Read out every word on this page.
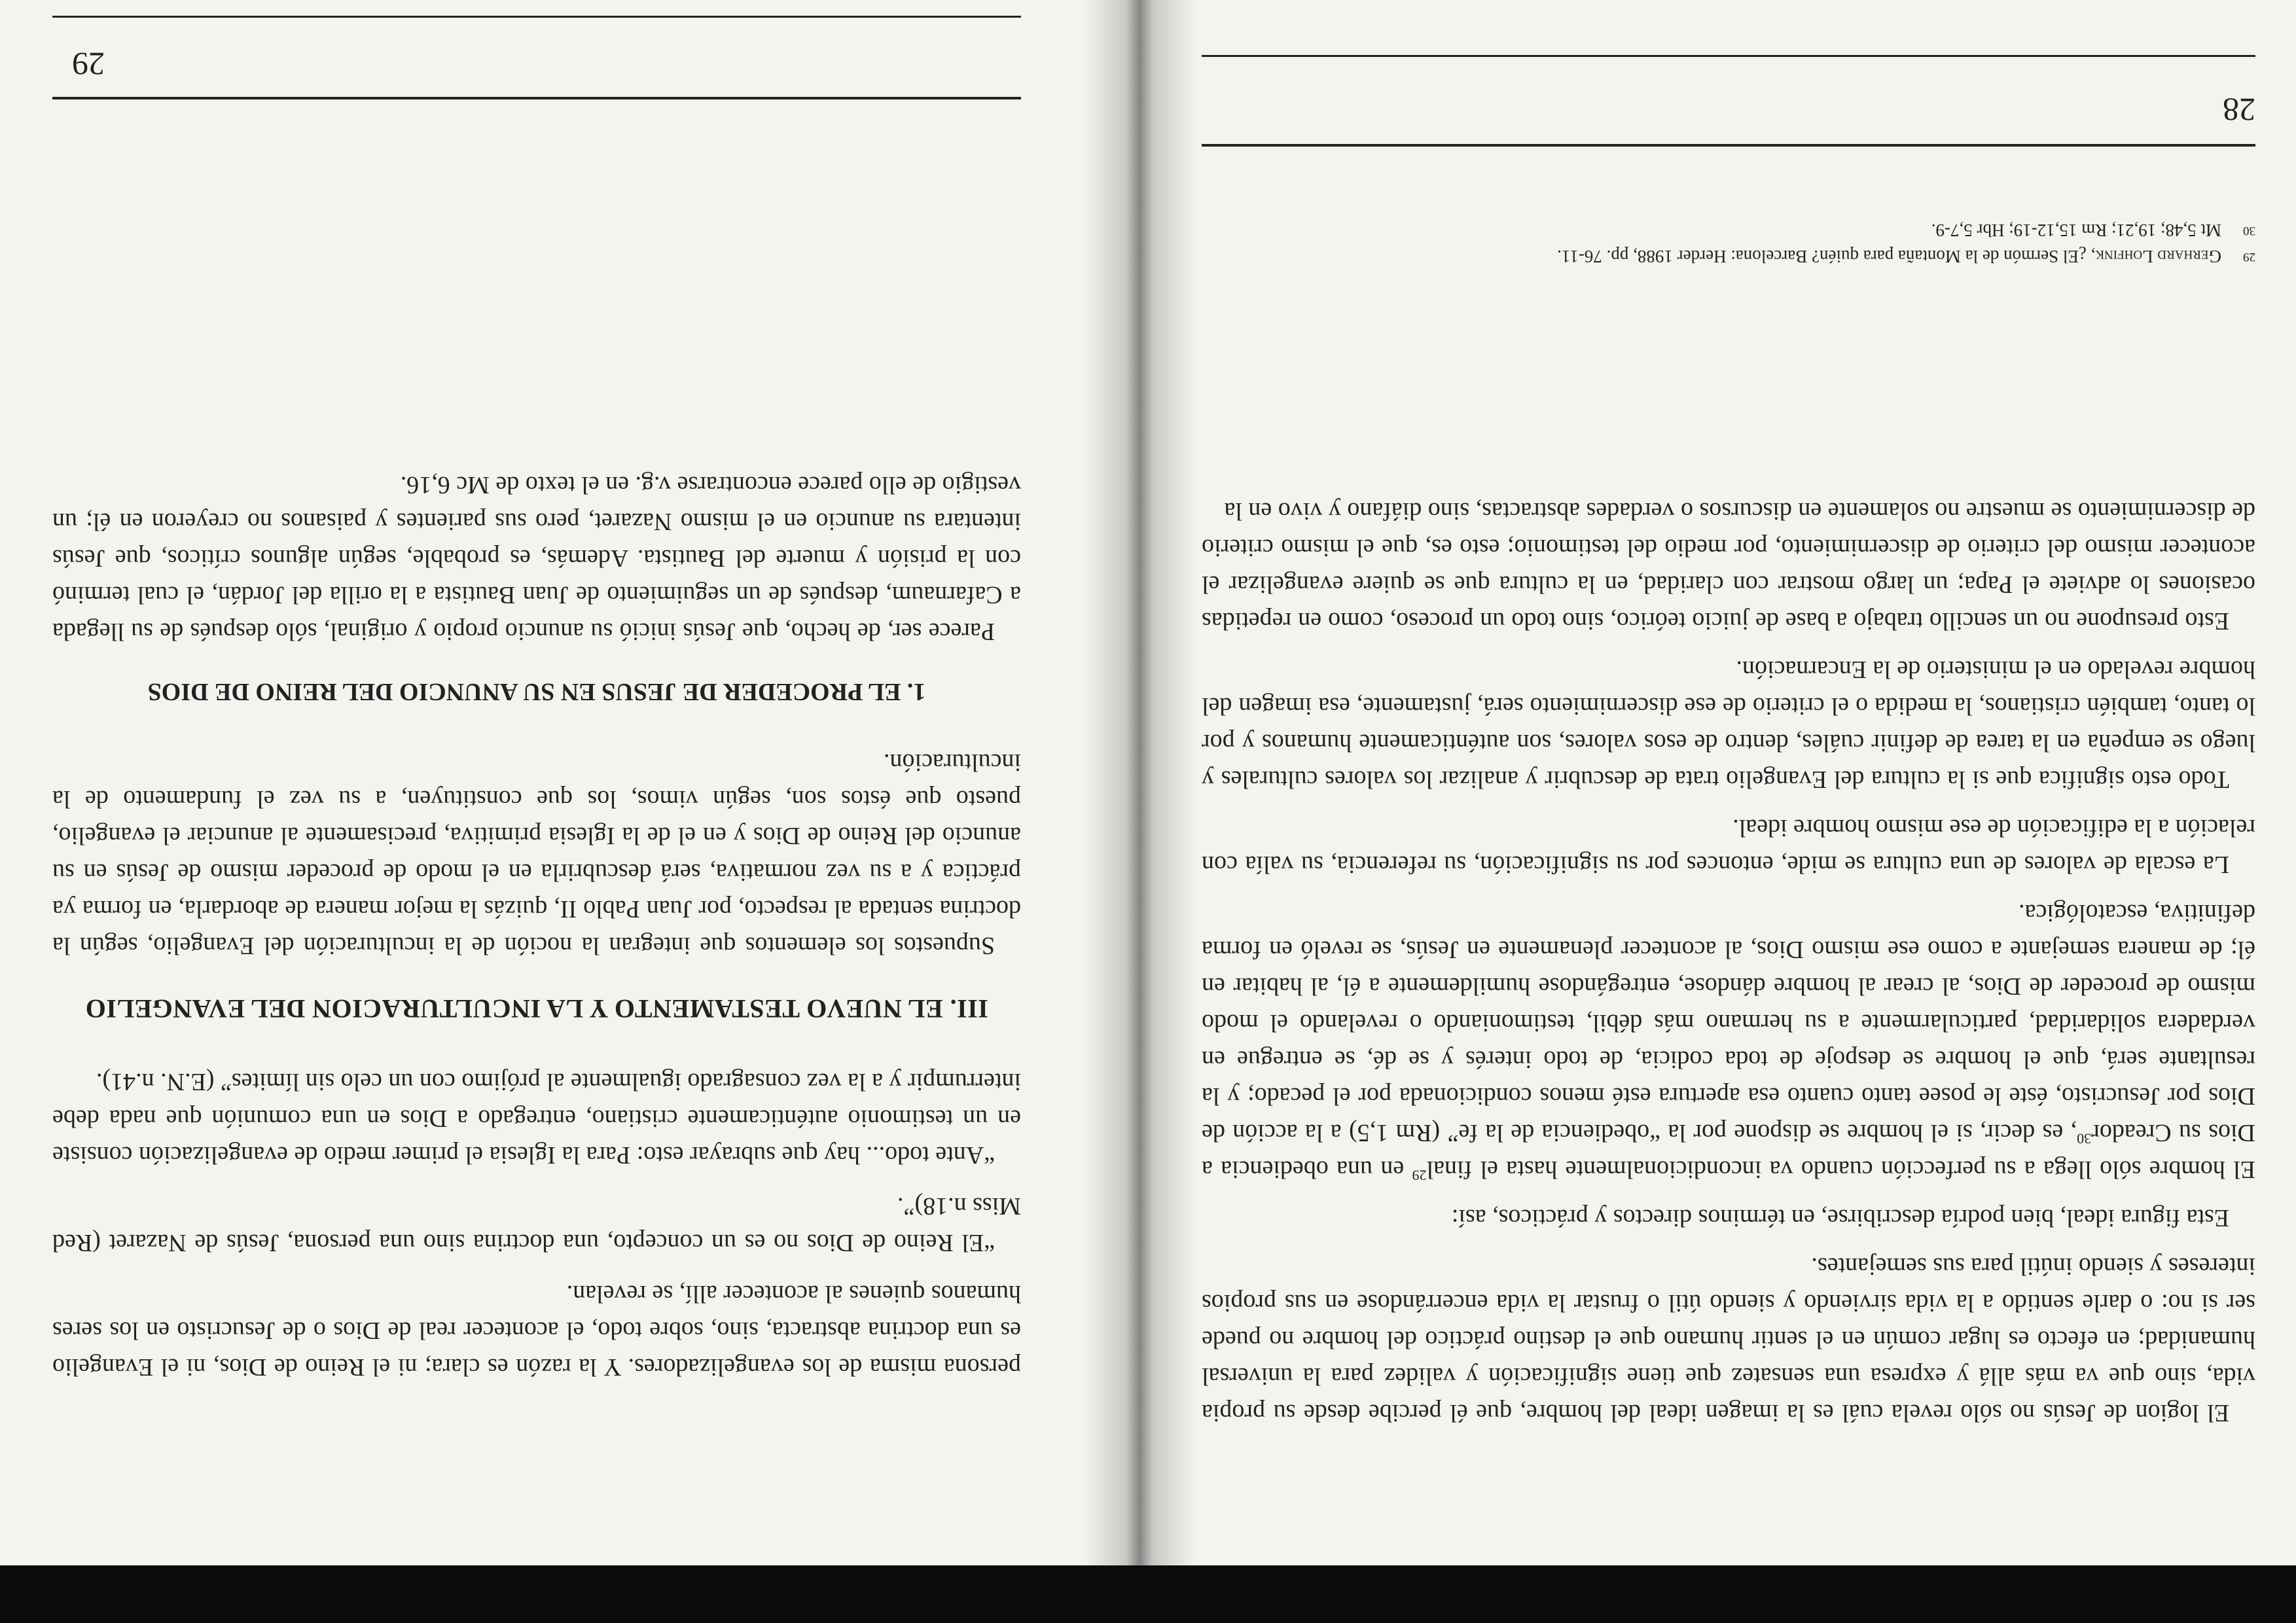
28

El logion de Jesús no sólo revela cuál es la imagen ideal del hombre, que él percibe desde su propia vida, sino que va más allá y expresa una sensatez que tiene significación y validez para la universal humanidad; en efecto es lugar común en el sentir humano que el destino práctico del hombre no puede ser si no: o darle sentido a la vida sirviendo y siendo útil o frustar la vida encerrándose en sus propios intereses y siendo inútil para sus semejantes.

Esta figura ideal, bien podría describirse, en términos directos y prácticos, así:

El hombre sólo llega a su perfección cuando va incondicionalmente hasta el final$^{29}$ en una obediencia a Dios su Creador$^{30}$, es decir, si el hombre se dispone por la “obediencia de la fe” (Rm 1,5) a la acción de Dios por Jesucristo, éste le posee tanto cuanto esa apertura esté menos condicionada por el pecado; y la resultante será, que el hombre se despoje de toda codicia, de todo interés y se dé, se entregue en verdadera solidaridad, particularmente a su hermano más débil, testimoniando o revelando el modo mismo de proceder de Dios, al crear al hombre dándose, entregándose humildemente a él, al habitar en él; de manera semejante a como ese mismo Dios, al acontecer plenamente en Jesús, se reveló en forma definitiva, escatológica.

La escala de valores de una cultura se mide, entonces por su significación, su referencia, su valía con relación a la edificación de ese mismo hombre ideal.

Todo esto significa que si la cultura del Evangelio trata de descubrir y analizar los valores culturales y luego se empeña en la tarea de definir cuáles, dentro de esos valores, son auténticamente humanos y por lo tanto, también cristianos, la medida o el criterio de ese discernimiento será, justamente, esa imagen del hombre revelado en el ministerio de la Encarnación.

Esto presupone no un sencillo trabajo a base de juicio teórico, sino todo un proceso, como en repetidas ocasiones lo adviete el Papa; un largo mostrar con claridad, en la cultura que se quiere evangelizar el acontecer mismo del criterio de discernimiento, por medio del testimonio; esto es, que el mismo criterio de discernimiento se muestre no solamente en discursos o verdades abstractas, sino diáfano y vivo en la

29
Gerhard Lohfink, ¿El Sermón de la Montaña para quién? Barcelona: Herder 1988, pp. 76-11.
30
Mt 5,48; 19,21; Rm 15,12-19; Hbr 5,7-9.
29

persona misma de los evangelizadores. Y la razón es clara; ni el Reino de Dios, ni el Evangelio es una doctrina abstracta, sino, sobre todo, el acontecer real de Dios o de Jesucristo en los seres humanos quienes al acontecer allí, se revelan.

“El Reino de Dios no es un concepto, una doctrina sino una persona, Jesús de Nazaret (Red Miss n.18)”.

“Ante todo... hay que subrayar esto: Para la Iglesia el primer medio de evangelización consiste en un testimonio auténticamente cristiano, entregado a Dios en una comunión que nada debe interrumpir y a la vez consagrado igualmente al prójimo con un celo sin límites” (E.N. n.41).

III. EL NUEVO TESTAMENTO Y LA INCULTURACION DEL EVANGELIO

Supuestos los elementos que integran la noción de la inculturación del Evangelio, según la doctrina sentada al respecto, por Juan Pablo II, quizás la mejor manera de abordarla, en forma ya práctica y a su vez normativa, será descubrirla en el modo de proceder mismo de Jesús en su anuncio del Reino de Dios y en el de la Iglesia primitiva, precisamente al anunciar el evangelio, puesto que éstos son, según vimos, los que constituyen, a su vez el fundamento de la inculturación.

1. EL PROCEDER DE JESUS EN SU ANUNCIO DEL REINO DE DIOS

Parece ser, de hecho, que Jesús inició su anuncio propio y original, sólo después de su llegada a Cafarnaum, después de un seguimiento de Juan Bautista a la orilla del Jordán, el cual terminó con la prisión y muerte del Bautista. Además, es probable, según algunos críticos, que Jesús intentara su anuncio en el mismo Nazaret, pero sus parientes y paisanos no creyeron en él; un vestigio de ello parece encontrarse v.g. en el texto de Mc 6,16.
